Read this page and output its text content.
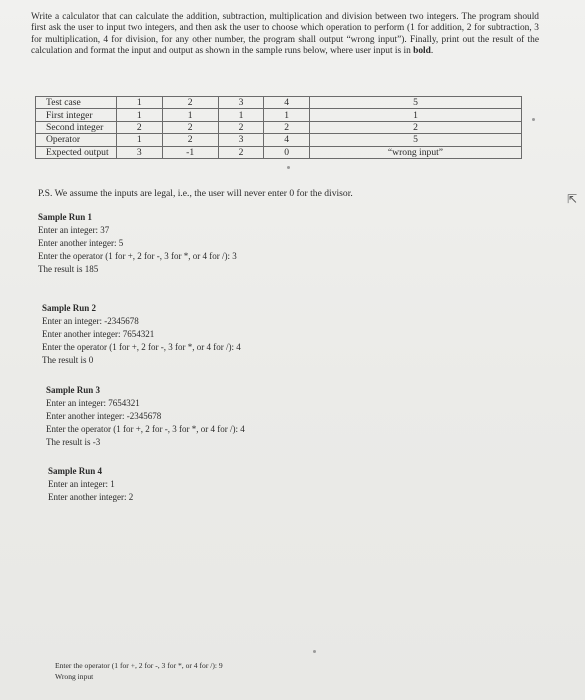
Write a calculator that can calculate the addition, subtraction, multiplication and division between two integers. The program should first ask the user to input two integers, and then ask the user to choose which operation to perform (1 for addition, 2 for subtraction, 3 for multiplication, 4 for division, for any other number, the program shall output “wrong input”). Finally, print out the result of the calculation and format the input and output as shown in the sample runs below, where user input is in bold.
Test case	1	2	3	4	5
First integer	1	1	1	1	1
Second integer	2	2	2	2	2
Operator	1	2	3	4	5
Expected output	3	-1	2	0	“wrong input”
P.S. We assume the inputs are legal, i.e., the user will never enter 0 for the divisor.
Sample Run 1
Enter an integer: 37
Enter another integer: 5
Enter the operator (1 for +, 2 for -, 3 for *, or 4 for /): 3
The result is 185
Sample Run 2
Enter an integer: -2345678
Enter another integer: 7654321
Enter the operator (1 for +, 2 for -, 3 for *, or 4 for /): 4
The result is 0
Sample Run 3
Enter an integer: 7654321
Enter another integer: -2345678
Enter the operator (1 for +, 2 for -, 3 for *, or 4 for /): 4
The result is -3
Sample Run 4
Enter an integer: 1
Enter another integer: 2
Enter the operator (1 for +, 2 for -, 3 for *, or 4 for /): 9
Wrong input
⇱
